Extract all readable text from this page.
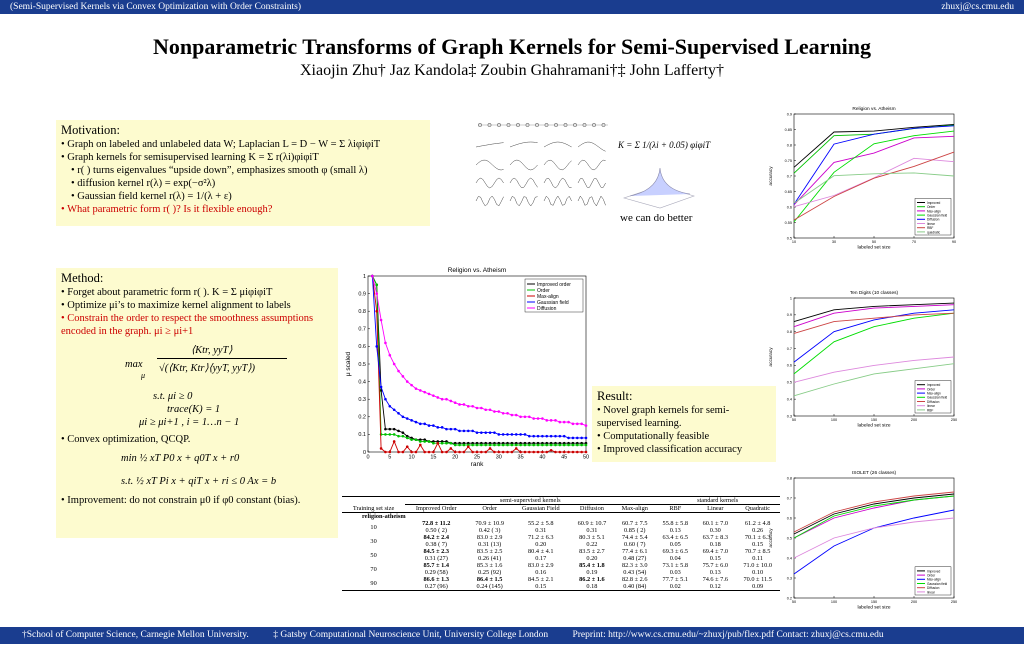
(Semi-Supervised Kernels via Convex Optimization with Order Constraints)	zhuxj@cs.cmu.edu
Nonparametric Transforms of Graph Kernels for Semi-Supervised Learning
Xiaojin Zhu† Jaz Kandola‡ Zoubin Ghahramani†‡ John Lafferty†
Motivation:
• Graph on labeled and unlabeled data W; Laplacian L = D − W = Σ λiφiφiT
• Graph kernels for semisupervised learning K = Σ r(λi)φiφiT
• r( ) turns eigenvalues “upside down”, emphasizes smooth φ (small λ)
• diffusion kernel r(λ) = exp(−σ²λ)
• Gaussian field kernel r(λ) = 1/(λ + ε)
• What parametric form r( )? Is it flexible enough?
K = Σ 1/(λi + 0.05) φiφiT
we can do better
Method:
• Forget about parametric form r( ). K = Σ μiφiφiT
• Optimize μi’s to maximize kernel alignment to labels
• Constrain the order to respect the smoothness assumptions encoded in the graph. μi ≥ μi+1
max
μ
⟨Ktr, yyT⟩
√(⟨Ktr, Ktr⟩⟨yyT, yyT⟩)
s.t. μi ≥ 0
trace(K) = 1
μi ≥ μi+1 , i = 1…n − 1
• Convex optimization, QCQP.
min ½ xT P0 x + q0T x + r0
s.t. ½ xT Pi x + qiT x + ri ≤ 0 Ax = b
• Improvement: do not constrain μ0 if φ0 constant (bias).
Religion vs. Atheism
0	5	10	15	20	25	30	35	40	45	50
0
0.1
0.2
0.3
0.4
0.5
0.6
0.7
0.8
0.9
1
rank
μ scaled
Improved order
Order
Max-align
Gaussian field
Diffusion
Result:
• Novel graph kernels for semi-supervised learning.
• Computationally feasible
• Improved classification accuracy
	semi-supervised kernels					standard kernels		
Training set size	Improved Order	Order	Gaussian Field	Diffusion	Max-align	RBF	Linear	Quadratic
religion-atheism								
10	72.8 ± 11.2	70.9 ± 10.9	55.2 ± 5.8	60.9 ± 10.7	60.7 ± 7.5	55.8 ± 5.8	60.1 ± 7.0	61.2 ± 4.8
	0.50 ( 2)	0.42 ( 3)	0.31	0.31	0.85 ( 2)	0.13	0.30	0.26
30	84.2 ± 2.4	83.0 ± 2.9	71.2 ± 6.3	80.3 ± 5.1	74.4 ± 5.4	63.4 ± 6.5	63.7 ± 8.3	70.1 ± 6.3
	0.38 ( 7)	0.31 (13)	0.20	0.22	0.60 ( 7)	0.05	0.18	0.15
50	84.5 ± 2.3	83.5 ± 2.5	80.4 ± 4.1	83.5 ± 2.7	77.4 ± 6.1	69.3 ± 6.5	69.4 ± 7.0	70.7 ± 8.5
	0.31 (27)	0.26 (41)	0.17	0.20	0.48 (27)	0.04	0.15	0.11
70	85.7 ± 1.4	85.3 ± 1.6	83.0 ± 2.9	85.4 ± 1.8	82.3 ± 3.0	73.1 ± 5.8	75.7 ± 6.0	71.0 ± 10.0
	0.29 (58)	0.25 (92)	0.16	0.19	0.43 (54)	0.03	0.13	0.10
90	86.6 ± 1.3	86.4 ± 1.5	84.5 ± 2.1	86.2 ± 1.6	82.8 ± 2.6	77.7 ± 5.1	74.6 ± 7.6	70.0 ± 11.5
	0.27 (96)	0.24 (145)	0.15	0.18	0.40 (84)	0.02	0.12	0.09
Religion vs. Atheism
10	30	50	70	90
0.5
0.55
0.6
0.65
0.7
0.75
0.8
0.85
0.9
labeled set size
accuracy
Improved
Order
Max-align
Gaussian field
Diffusion
linear
RBF
quadratic
Ten Digits (10 classes)
50	100	150	200	250
0.3
0.4
0.5
0.6
0.7
0.8
0.9
1
labeled set size
accuracy
Improved
Order
Max-align
Gaussian field
Diffusion
linear
RBF
ISOLET (26 classes)
50	100	150	200	250
0.2
0.3
0.4
0.5
0.6
0.7
0.8
labeled set size
accuracy
Improved
Order
Max-align
Gaussian field
Diffusion
linear
†School of Computer Science, Carnegie Mellon University.	‡ Gatsby Computational Neuroscience Unit, University College London	Preprint: http://www.cs.cmu.edu/~zhuxj/pub/flex.pdf Contact: zhuxj@cs.cmu.edu
